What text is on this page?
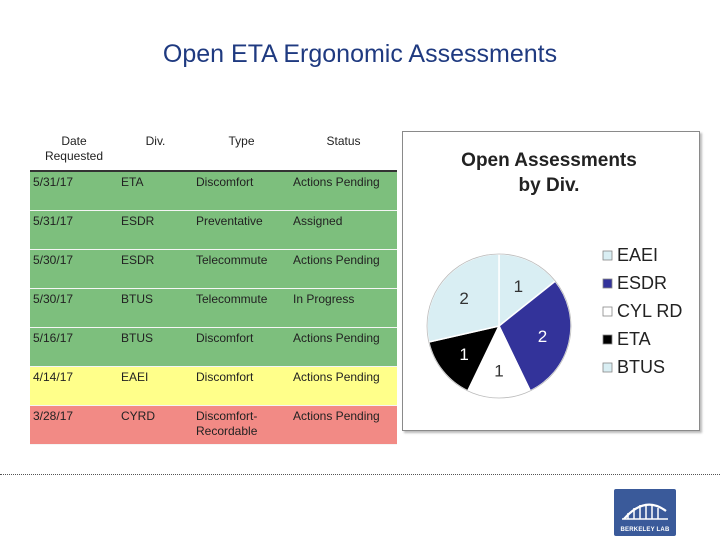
Open ETA Ergonomic Assessments
Date Requested	Div.	Type	Status
5/31/17	ETA	Discomfort	Actions Pending
5/31/17	ESDR	Preventative	Assigned
5/30/17	ESDR	Telecommute	Actions Pending
5/30/17	BTUS	Telecommute	In Progress
5/16/17	BTUS	Discomfort	Actions Pending
4/14/17	EAEI	Discomfort	Actions Pending
3/28/17	CYRD	Discomfort-Recordable	Actions Pending
Open Assessments
by Div.
1
2
1
1
2
EAEI
ESDR
CYL RD
ETA
BTUS
BERKELEY LAB
